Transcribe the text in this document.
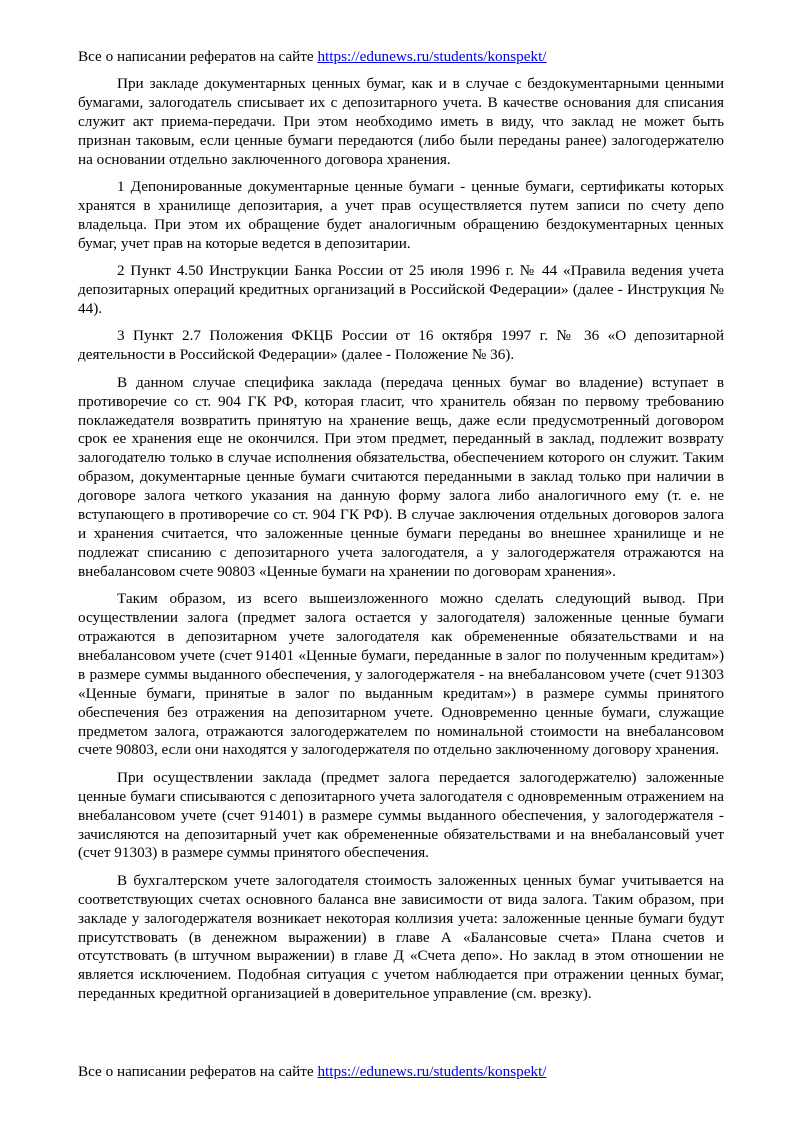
Все о написании рефератов на сайте https://edunews.ru/students/konspekt/

При закладе документарных ценных бумаг, как и в случае с бездокументарными ценными бумагами, залогодатель списывает их с депозитарного учета. В качестве основания для списания служит акт приема-передачи. При этом необходимо иметь в виду, что заклад не может быть признан таковым, если ценные бумаги передаются (либо были переданы ранее) залогодержателю на основании отдельно заключенного договора хранения.

1 Депонированные документарные ценные бумаги - ценные бумаги, сертификаты которых хранятся в хранилище депозитария, а учет прав осуществляется путем записи по счету депо владельца. При этом их обращение будет аналогичным обращению бездокументарных ценных бумаг, учет прав на которые ведется в депозитарии.

2 Пункт 4.50 Инструкции Банка России от 25 июля 1996 г. № 44 «Правила ведения учета депозитарных операций кредитных организаций в Российской Федерации» (далее - Инструкция № 44).

3 Пункт 2.7 Положения ФКЦБ России от 16 октября 1997 г. № 36 «О депозитарной деятельности в Российской Федерации» (далее - Положение № 36).

В данном случае специфика заклада (передача ценных бумаг во владение) вступает в противоречие со ст. 904 ГК РФ, которая гласит, что хранитель обязан по первому требованию поклажедателя возвратить принятую на хранение вещь, даже если предусмотренный договором срок ее хранения еще не окончился. При этом предмет, переданный в заклад, подлежит возврату залогодателю только в случае исполнения обязательства, обеспечением которого он служит. Таким образом, документарные ценные бумаги считаются переданными в заклад только при наличии в договоре залога четкого указания на данную форму залога либо аналогичного ему (т. е. не вступающего в противоречие со ст. 904 ГК РФ). В случае заключения отдельных договоров залога и хранения считается, что заложенные ценные бумаги переданы во внешнее хранилище и не подлежат списанию с депозитарного учета залогодателя, а у залогодержателя отражаются на внебалансовом счете 90803 «Ценные бумаги на хранении по договорам хранения».

Таким образом, из всего вышеизложенного можно сделать следующий вывод. При осуществлении залога (предмет залога остается у залогодателя) заложенные ценные бумаги отражаются в депозитарном учете залогодателя как обремененные обязательствами и на внебалансовом учете (счет 91401 «Ценные бумаги, переданные в залог по полученным кредитам») в размере суммы выданного обеспечения, у залогодержателя - на внебалансовом учете (счет 91303 «Ценные бумаги, принятые в залог по выданным кредитам») в размере суммы принятого обеспечения без отражения на депозитарном учете. Одновременно ценные бумаги, служащие предметом залога, отражаются залогодержателем по номинальной стоимости на внебалансовом счете 90803, если они находятся у залогодержателя по отдельно заключенному договору хранения.

При осуществлении заклада (предмет залога передается залогодержателю) заложенные ценные бумаги списываются с депозитарного учета залогодателя с одновременным отражением на внебалансовом учете (счет 91401) в размере суммы выданного обеспечения, у залогодержателя - зачисляются на депозитарный учет как обремененные обязательствами и на внебалансовый учет (счет 91303) в размере суммы принятого обеспечения.

В бухгалтерском учете залогодателя стоимость заложенных ценных бумаг учитывается на соответствующих счетах основного баланса вне зависимости от вида залога. Таким образом, при закладе у залогодержателя возникает некоторая коллизия учета: заложенные ценные бумаги будут присутствовать (в денежном выражении) в главе А «Балансовые счета» Плана счетов и отсутствовать (в штучном выражении) в главе Д «Счета депо». Но заклад в этом отношении не является исключением. Подобная ситуация с учетом наблюдается при отражении ценных бумаг, переданных кредитной организацией в доверительное управление (см. врезку).

Все о написании рефератов на сайте https://edunews.ru/students/konspekt/
